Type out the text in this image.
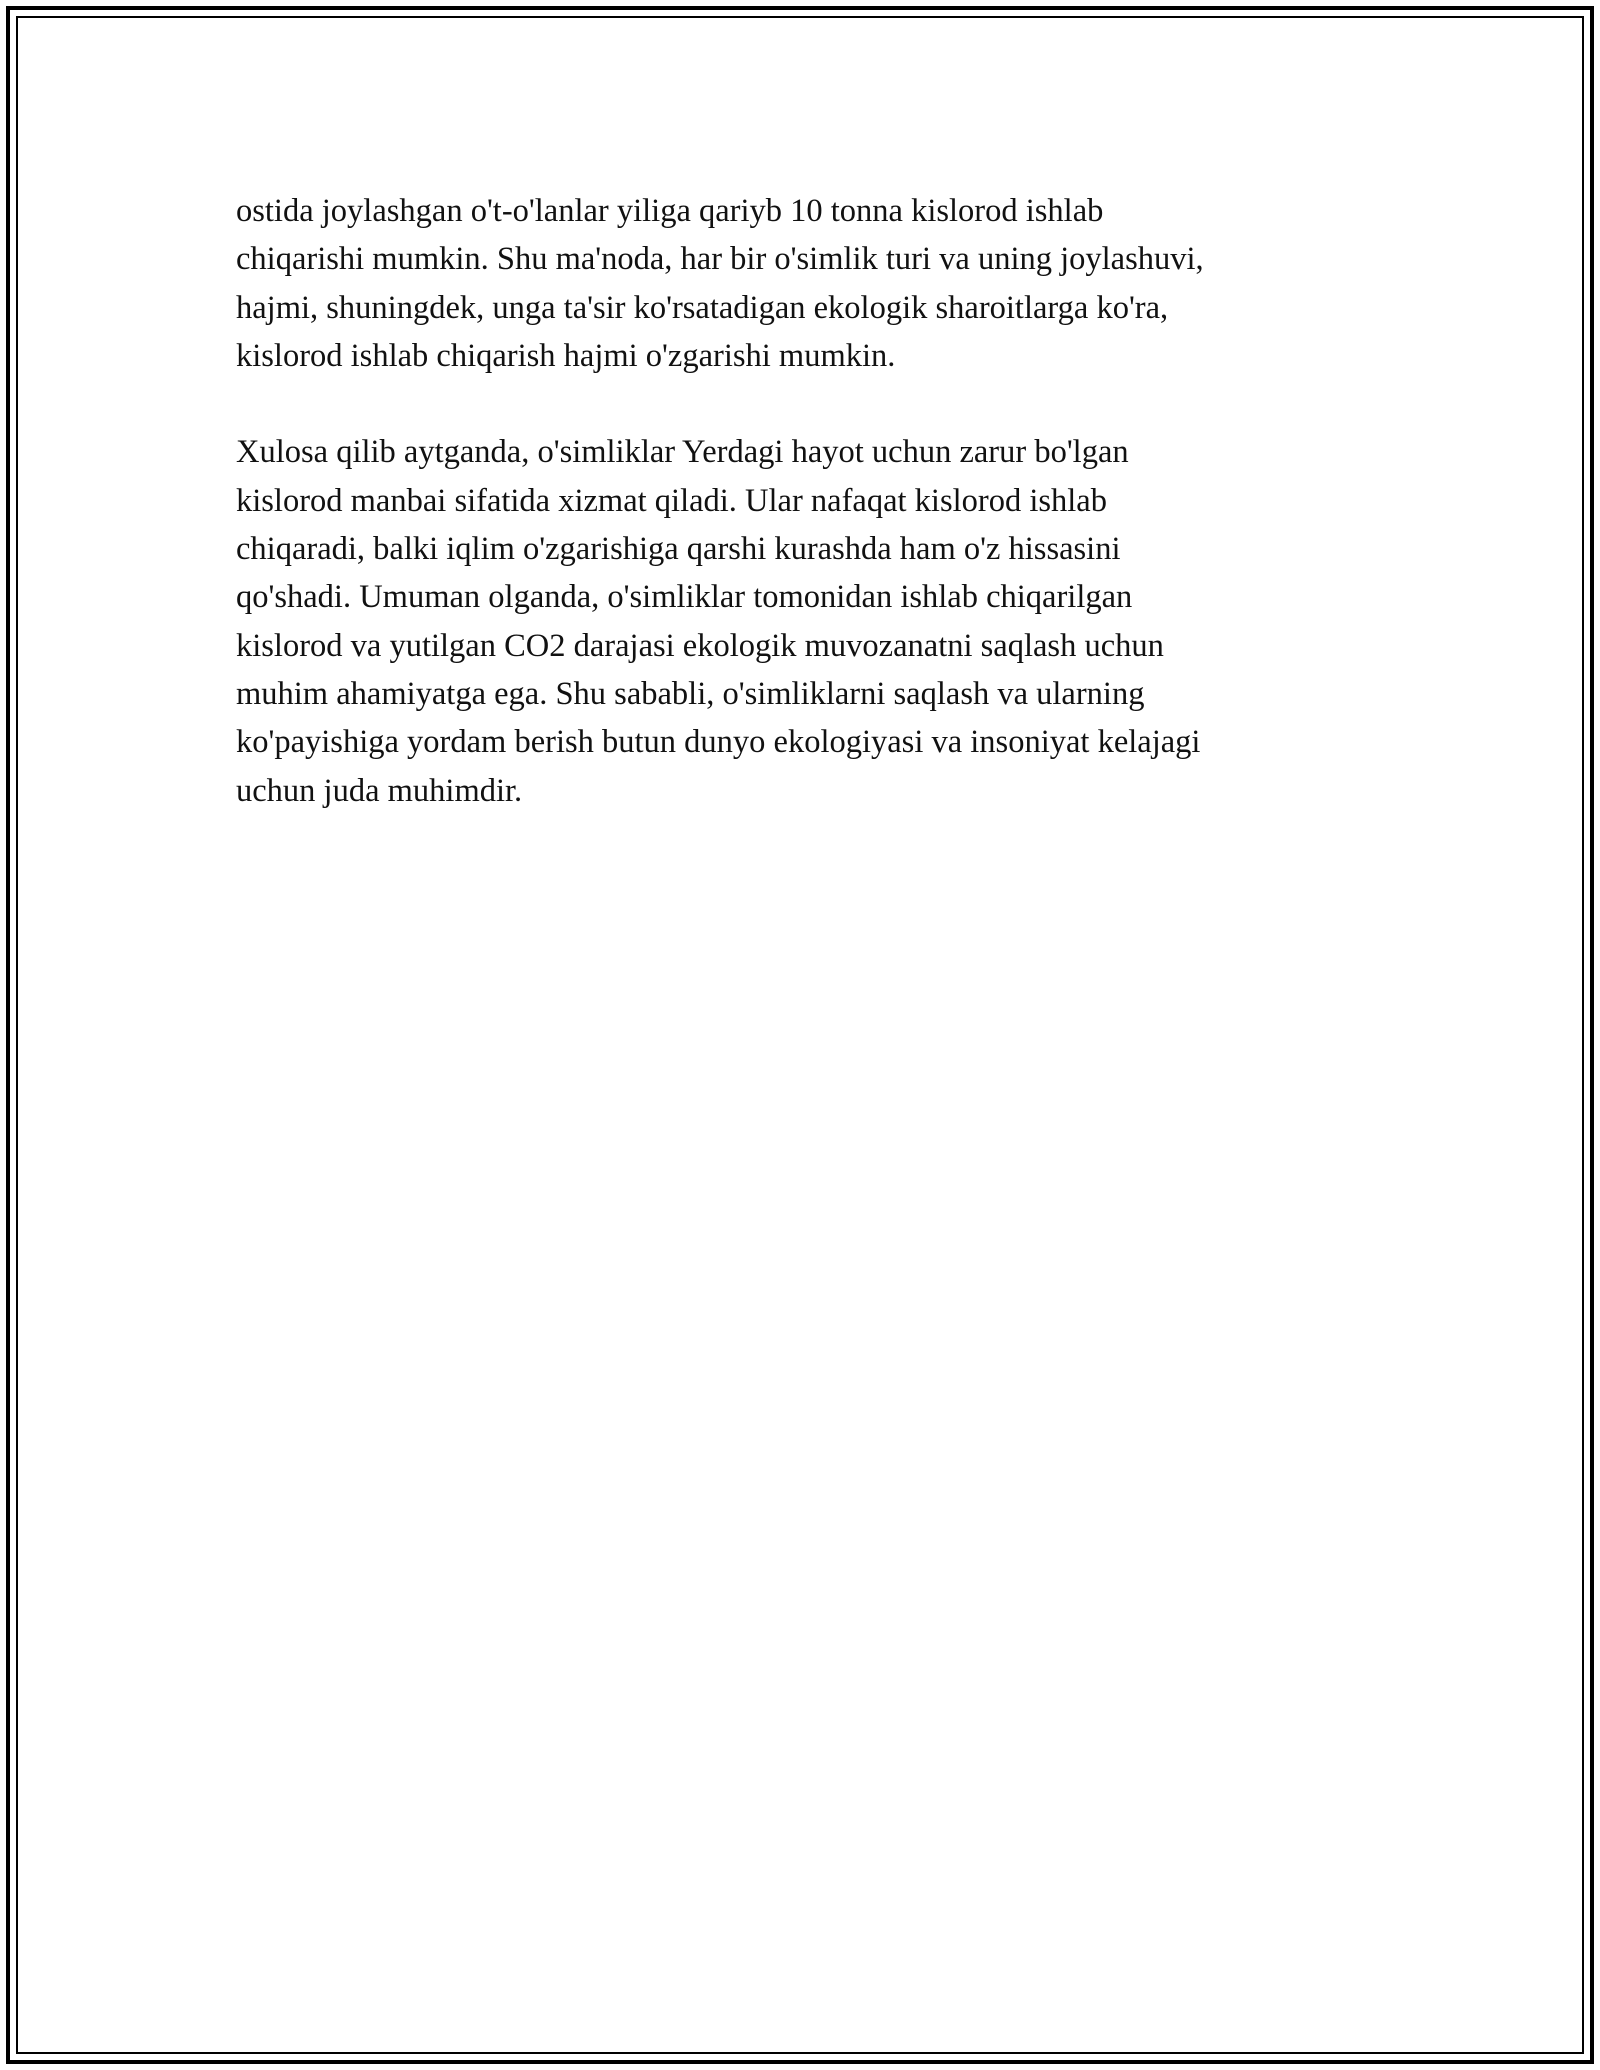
ostida joylashgan o't-o'lanlar yiliga qariyb 10 tonna kislorod ishlab
chiqarishi mumkin. Shu ma'noda, har bir o'simlik turi va uning joylashuvi,
hajmi, shuningdek, unga ta'sir ko'rsatadigan ekologik sharoitlarga ko'ra,
kislorod ishlab chiqarish hajmi o'zgarishi mumkin.

Xulosa qilib aytganda, o'simliklar Yerdagi hayot uchun zarur bo'lgan
kislorod manbai sifatida xizmat qiladi. Ular nafaqat kislorod ishlab
chiqaradi, balki iqlim o'zgarishiga qarshi kurashda ham o'z hissasini
qo'shadi. Umuman olganda, o'simliklar tomonidan ishlab chiqarilgan
kislorod va yutilgan CO2 darajasi ekologik muvozanatni saqlash uchun
muhim ahamiyatga ega. Shu sababli, o'simliklarni saqlash va ularning
ko'payishiga yordam berish butun dunyo ekologiyasi va insoniyat kelajagi
uchun juda muhimdir.
